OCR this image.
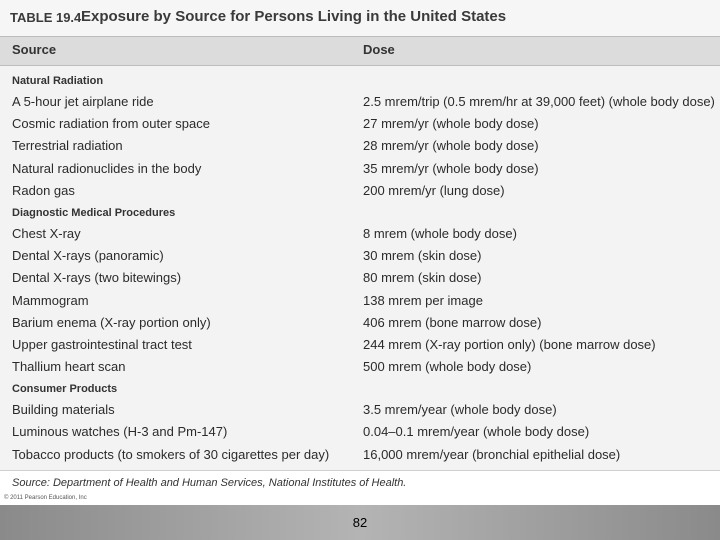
TABLE 19.4 Exposure by Source for Persons Living in the United States
Source	Dose
Natural Radiation
A 5-hour jet airplane ride	2.5 mrem/trip (0.5 mrem/hr at 39,000 feet) (whole body dose)
Cosmic radiation from outer space	27 mrem/yr (whole body dose)
Terrestrial radiation	28 mrem/yr (whole body dose)
Natural radionuclides in the body	35 mrem/yr (whole body dose)
Radon gas	200 mrem/yr (lung dose)
Diagnostic Medical Procedures
Chest X-ray	8 mrem (whole body dose)
Dental X-rays (panoramic)	30 mrem (skin dose)
Dental X-rays (two bitewings)	80 mrem (skin dose)
Mammogram	138 mrem per image
Barium enema (X-ray portion only)	406 mrem (bone marrow dose)
Upper gastrointestinal tract test	244 mrem (X-ray portion only) (bone marrow dose)
Thallium heart scan	500 mrem (whole body dose)
Consumer Products
Building materials	3.5 mrem/year (whole body dose)
Luminous watches (H-3 and Pm-147)	0.04–0.1 mrem/year (whole body dose)
Tobacco products (to smokers of 30 cigarettes per day)	16,000 mrem/year (bronchial epithelial dose)
Source: Department of Health and Human Services, National Institutes of Health.
© 2011 Pearson Education, Inc
82
